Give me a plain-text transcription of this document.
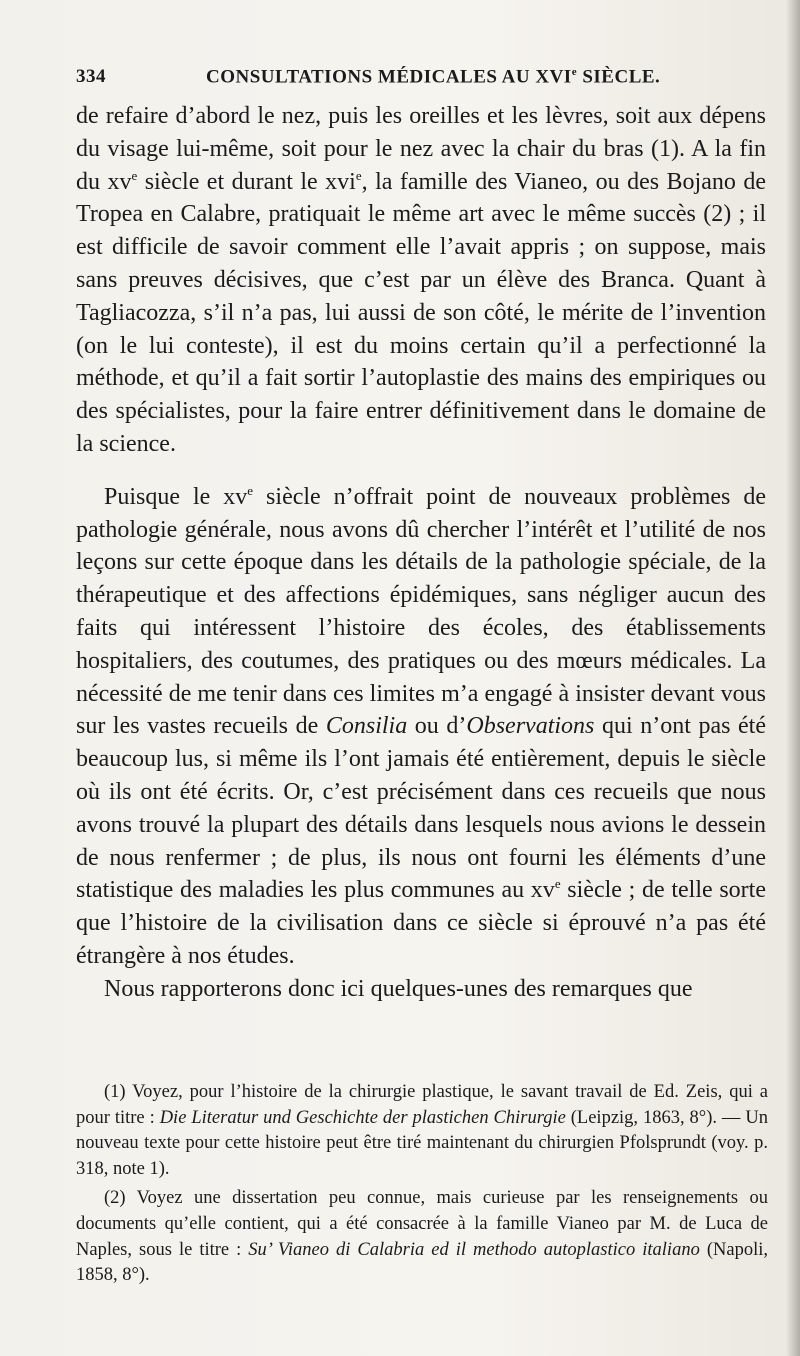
334	CONSULTATIONS MÉDICALES AU XVIe SIÈCLE.

de refaire d’abord le nez, puis les oreilles et les lèvres, soit aux dépens du visage lui-même, soit pour le nez avec la chair du bras (1). A la fin du $xv^e$ siècle et durant le xvi$^e$, la famille des Vianeo, ou des Bojano de Tropea en Calabre, pratiquait le même art avec le même succès (2) ; il est difficile de savoir comment elle l’avait appris ; on suppose, mais sans preuves décisives, que c’est par un élève des Branca. Quant à Tagliacozza, s’il n’a pas, lui aussi de son côté, le mérite de l’invention (on le lui conteste), il est du moins certain qu’il a perfectionné la méthode, et qu’il a fait sortir l’autoplastie des mains des empiriques ou des spécialistes, pour la faire entrer définitivement dans le domaine de la science.

Puisque le $xv^e$ siècle n’offrait point de nouveaux problèmes de pathologie générale, nous avons dû chercher l’intérêt et l’utilité de nos leçons sur cette époque dans les détails de la pathologie spéciale, de la thérapeutique et des affections épidémiques, sans négliger aucun des faits qui intéressent l’histoire des écoles, des établissements hospitaliers, des coutumes, des pratiques ou des mœurs médicales. La nécessité de me tenir dans ces limites m’a engagé à insister devant vous sur les vastes recueils de Consilia ou d’Observations qui n’ont pas été beaucoup lus, si même ils l’ont jamais été entièrement, depuis le siècle où ils ont été écrits. Or, c’est précisément dans ces recueils que nous avons trouvé la plupart des détails dans lesquels nous avions le dessein de nous renfermer ; de plus, ils nous ont fourni les éléments d’une statistique des maladies les plus communes au $xv^e$ siècle ; de telle sorte que l’histoire de la civilisation dans ce siècle si éprouvé n’a pas été étrangère à nos études.

Nous rapporterons donc ici quelques-unes des remarques que

(1) Voyez, pour l’histoire de la chirurgie plastique, le savant travail de Ed. Zeis, qui a pour titre : Die Literatur und Geschichte der plastichen Chirurgie (Leipzig, 1863, 8°). — Un nouveau texte pour cette histoire peut être tiré maintenant du chirurgien Pfolsprundt (voy. p. 318, note 1).

(2) Voyez une dissertation peu connue, mais curieuse par les renseignements ou documents qu’elle contient, qui a été consacrée à la famille Vianeo par M. de Luca de Naples, sous le titre : Su’ Vianeo di Calabria ed il methodo autoplastico italiano (Napoli, 1858, 8°).
